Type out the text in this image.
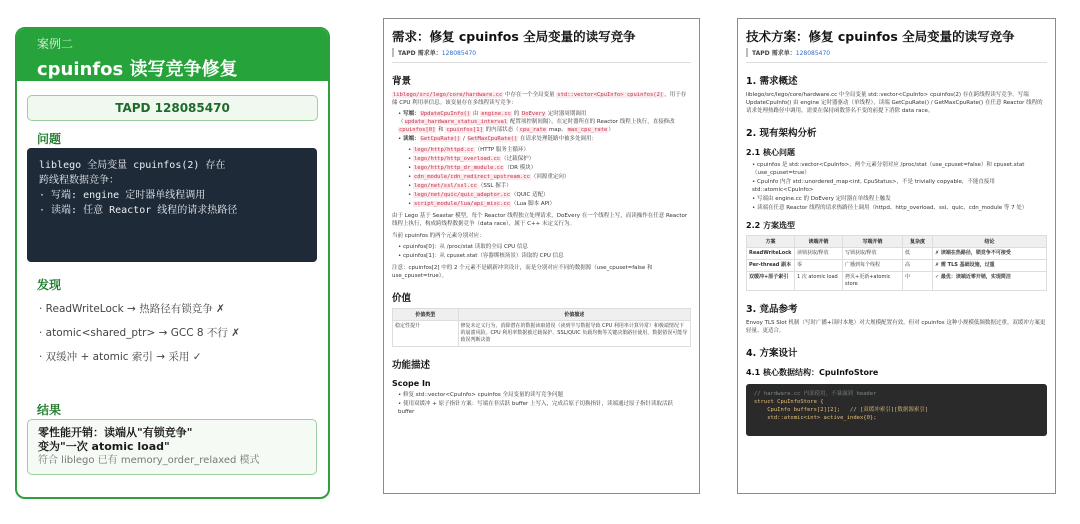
案例二
cpuinfos 读写竞争修复
TAPD 128085470
问题
liblego 全局变量 cpuinfos(2) 存在
跨线程数据竞争：
· 写端: engine 定时器单线程调用
· 读端: 任意 Reactor 线程的请求热路径
发现
· ReadWriteLock → 热路径有锁竞争 ✗
· atomic<shared_ptr> → GCC 8 不行 ✗
· 双缓冲 + atomic 索引 → 采用 ✓
结果
零性能开销：读端从"有锁竞争"
变为"一次 atomic load"
符合 liblego 已有 memory_order_relaxed 模式
需求：修复 cpuinfos 全局变量的读写竞争
TAPD 需求单：128085470
背景
liblego/src/lego/core/hardware.cc 中存在一个全局变量 std::vector<CpuInfo> cpuinfos(2)，用于存储 CPU 利用率信息。该变量存在多线程读写竞争：
• 写端：UpdateCpuInfo() 由 engine.cc 的 DoEvery 定时器周期调用（update_hardware_status_interval 配置项控制间隔），在定时器所在的 Reactor 线程上执行，直接修改 cpuinfos[0] 和 cpuinfos[1] 的内部状态（cpu_rate map、max_cpu_rate）
• 读端：GetCpuRate() / GetMaxCpuRate() 在请求处理链路中被多处调用：
• lego/http/httpd.cc（HTTP 服务主循环）
• lego/http/http_overload.cc（过载保护）
• lego/http/http_dr_module.cc（DR 模块）
• cdn_module/cdn_redirect_upstream.cc（回源重定向）
• lego/net/ssl/ssl.cc（SSL 握手）
• lego/net/quic/quic_adaptor.cc（QUIC 适配）
• script_module/lua/api_misc.cc（Lua 脚本 API）
由于 Lego 基于 Seastar 模型，每个 Reactor 线程独立处理请求，DoEvery 在一个线程上写，而读操作在任意 Reactor 线程上执行，构成跨线程数据竞争（data race），属于 C++ 未定义行为。
当前 cpuinfos 的两个元素分别对应：
• cpuinfos[0]：从 /proc/stat 读取的全局 CPU 信息
• cpuinfos[1]：从 cpuset.stat（容器绑核场景）读取的 CPU 信息
注意：cpuinfos[2] 中的 2 个元素不是刷新冲突设计，而是分别对应不同的数据源（use_cpuset=false 和 use_cpuset=true）。
价值
价值类型	价值描述
稳定性提升	修复未定义行为，消除潜在的数据读取错误（读到半写数据导致 CPU 利用率计算异常）和极端情况下的崩溃风险。CPU 利用率数据被过载保护、SSL/QUIC 负载均衡等关键决策路径使用，数据错误可能导致误判断决策
功能描述
Scope In
• 修复 std::vector<CpuInfo> cpuinfos 全局变量的读写竞争问题
• 使用双缓冲 + 原子指针方案：写端在非活跃 buffer 上写入，完成后原子切换指针，读端通过原子指针读取活跃 buffer
技术方案：修复 cpuinfos 全局变量的读写竞争
TAPD 需求单：128085470
1. 需求概述
liblego/src/lego/core/hardware.cc 中全局变量 std::vector<CpuInfo> cpuinfos(2) 存在跨线程读写竞争。写端 UpdateCpuInfo() 由 engine 定时器驱动（单线程），读端 GetCpuRate() / GetMaxCpuRate() 在任意 Reactor 线程的请求处理热路径中调用，需要在保持函数签名不变的前提下消除 data race。
2. 现有架构分析
2.1 核心问题
• cpuinfos 是 std::vector<CpuInfo>，两个元素分别对应 /proc/stat（use_cpuset=false）和 cpuset.stat（use_cpuset=true）
• CpuInfo 内含 std::unordered_map<int, CpuStatus>，不是 trivially copyable，不能直接用 std::atomic<CpuInfo>
• 写端由 engine.cc 的 DoEvery 定时器在单线程上触发
• 读端在任意 Reactor 线程的请求热路径上调用（httpd、http_overload、ssl、quic、cdn_module 等 7 处）
2.2 方案选型
方案	读端开销	写端开销	复杂度	结论
ReadWriteLock	读锁获取/释放	写锁获取/释放	低	✗ 读端在热路径，锁竞争不可接受
Per-thread 副本	零	广播到每个线程	高	✗ 需 TLS 基础设施，过重
双缓冲+原子索引	1 次 atomic load	拷贝+更新+atomic store	中	✓ 最优：读端近零开销，实现简洁
3. 竞品参考
Envoy TLS Slot 机制（写时广播+读时本地）对大规模配置有效，但对 cpuinfos 这种小规模低频数据过重。双缓冲方案更轻量、更适合。
4. 方案设计
4.1 核心数据结构：CpuInfoStore
// hardware.cc 内部使用，不暴露到 header
struct CpuInfoStore {
CpuInfo buffers[2][2];   // [双缓冲索引][数据源索引]
std::atomic<int> active_index{0};
